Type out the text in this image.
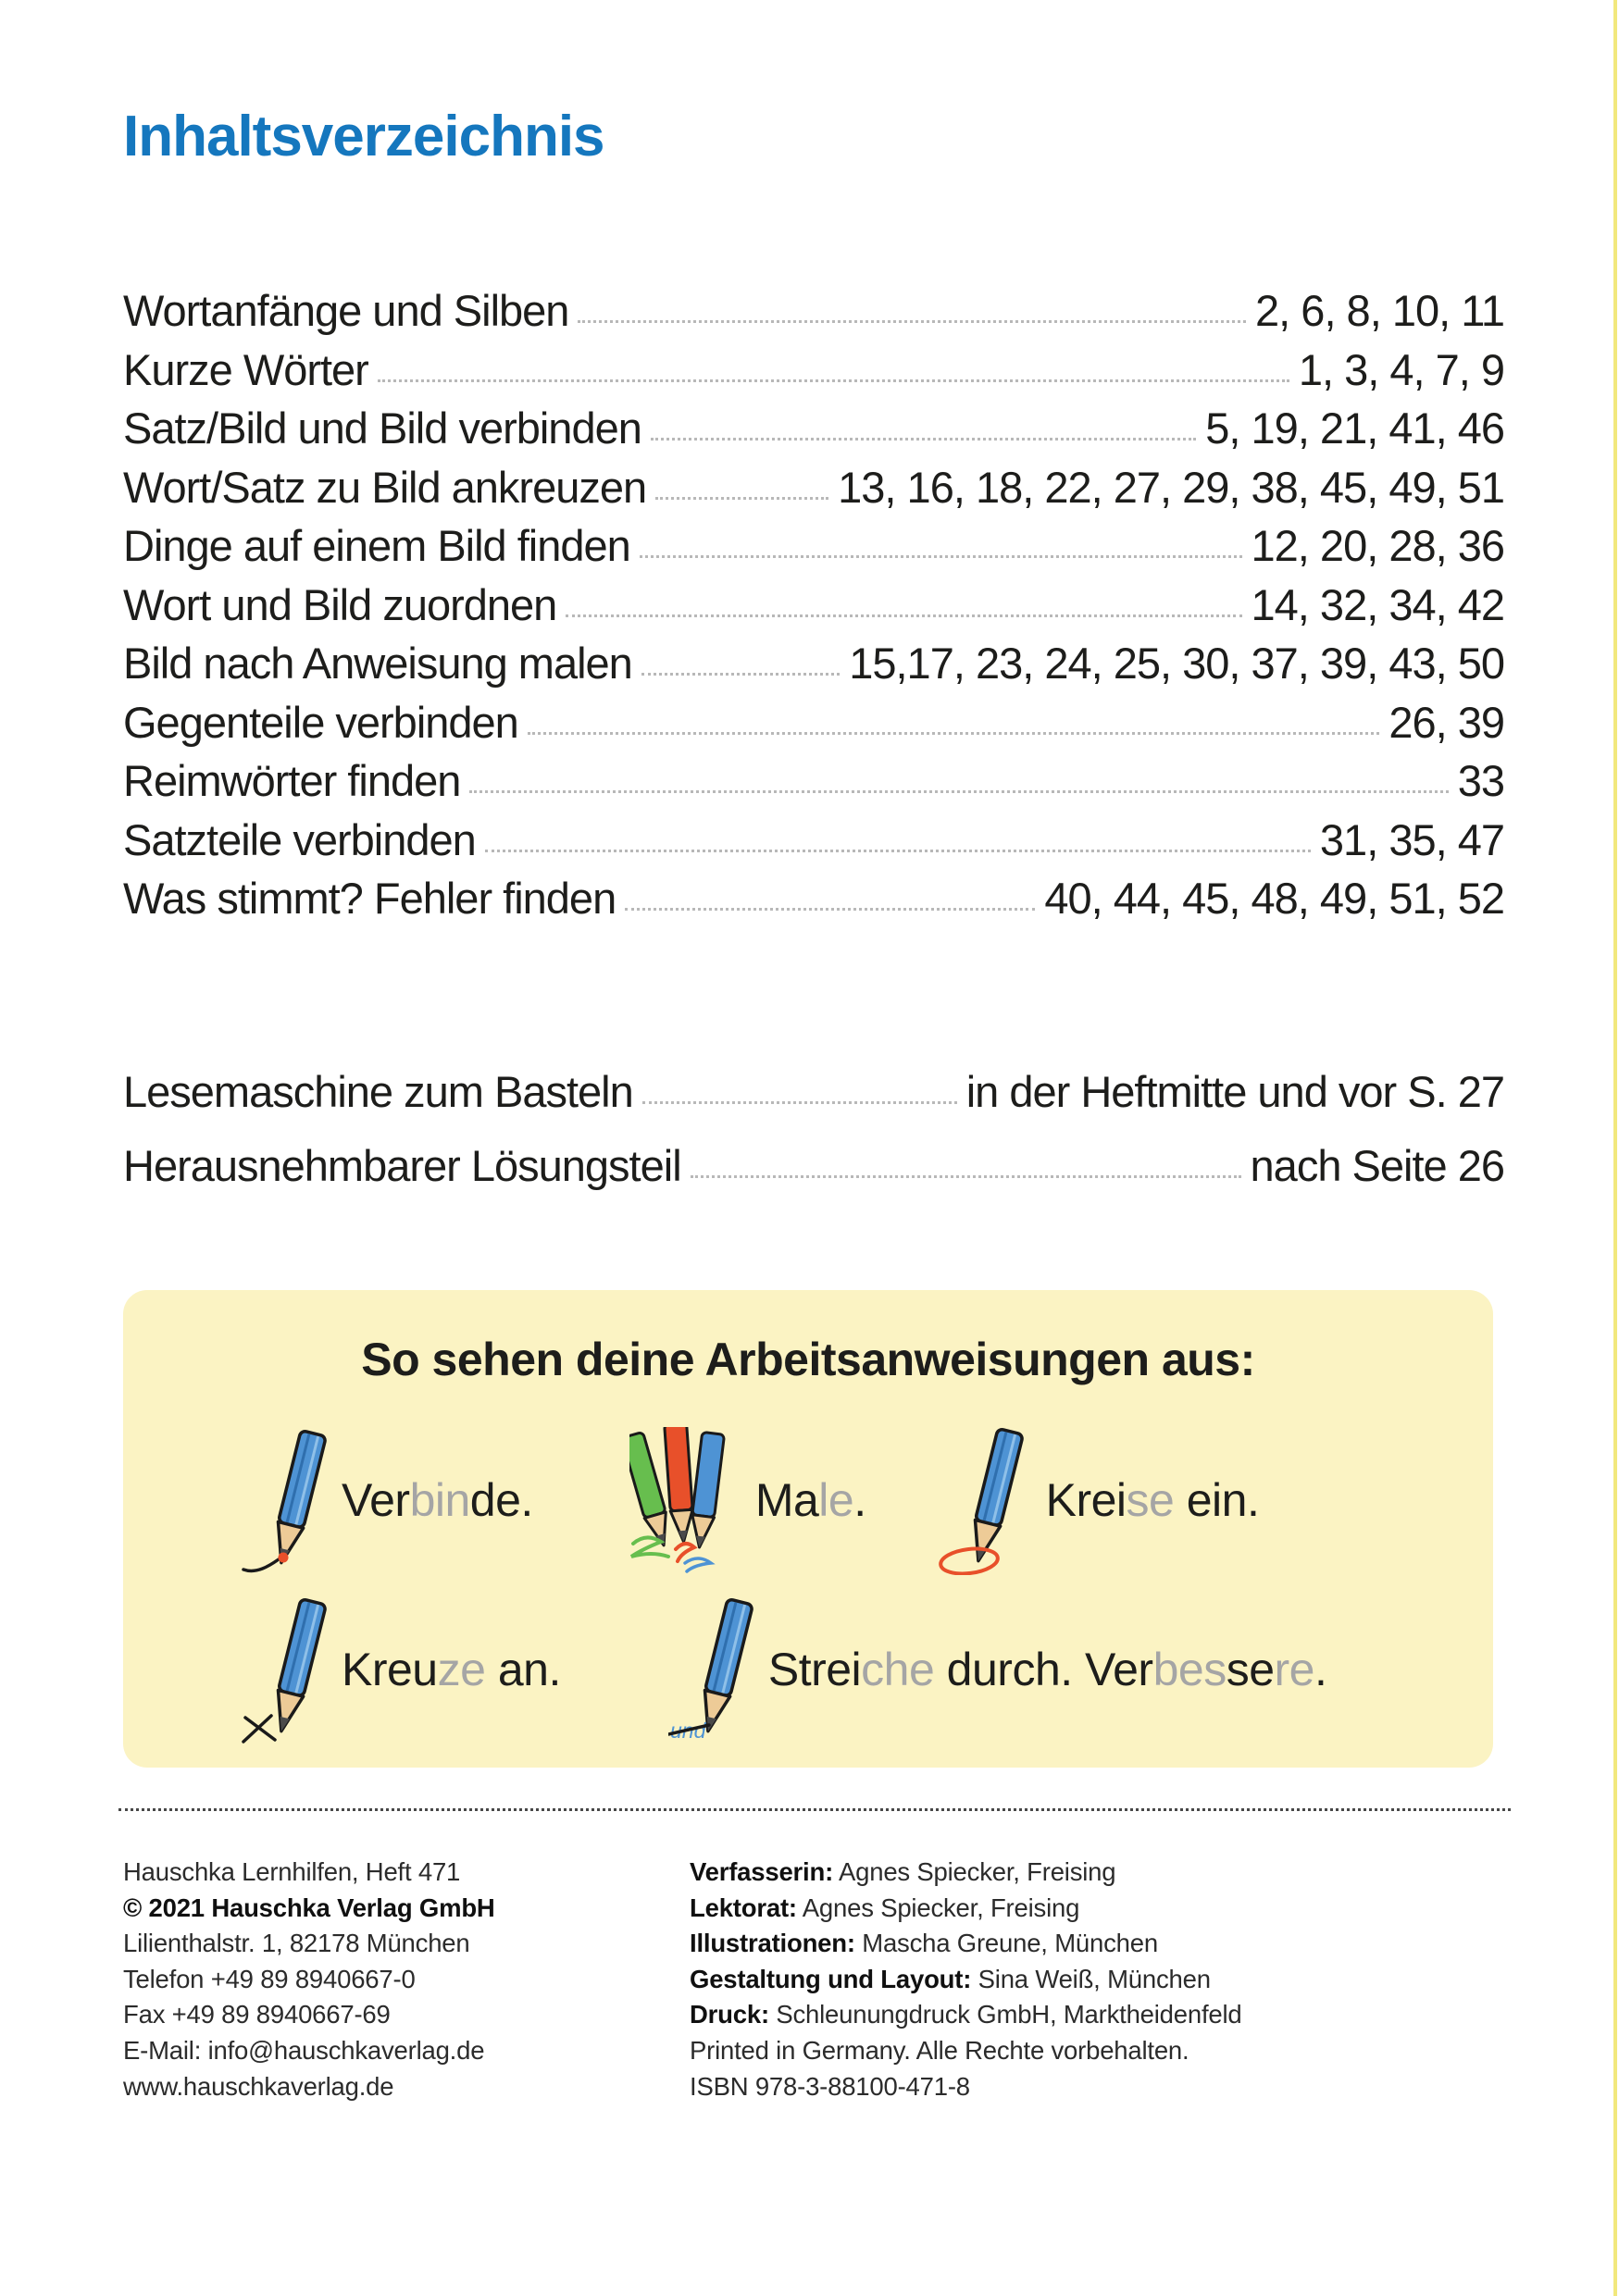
Inhaltsverzeichnis
Wortanfänge und Silben	2, 6, 8, 10, 11
Kurze Wörter	1, 3, 4, 7, 9
Satz/Bild und Bild verbinden	5, 19, 21, 41, 46
Wort/Satz zu Bild ankreuzen	13, 16, 18, 22, 27, 29, 38, 45, 49, 51
Dinge auf einem Bild finden	12, 20, 28, 36
Wort und Bild zuordnen	14, 32, 34, 42
Bild nach Anweisung malen	15,17, 23, 24, 25, 30, 37, 39, 43, 50
Gegenteile verbinden	26, 39
Reimwörter finden	33
Satzteile verbinden	31, 35, 47
Was stimmt? Fehler finden	40, 44, 45, 48, 49, 51, 52
Lesemaschine zum Basteln	in der Heftmitte und vor S. 27
Herausnehmbarer Lösungsteil	nach Seite 26
So sehen deine Arbeitsanweisungen aus:
Verbinde.	Male.	Kreise ein.
Kreuze an.
und
Streiche durch. Verbessere.
Hauschka Lernhilfen, Heft 471
© 2021 Hauschka Verlag GmbH
Lilienthalstr. 1, 82178 München
Telefon +49 89 8940667-0
Fax +49 89 8940667-69
E-Mail: info@hauschkaverlag.de
www.hauschkaverlag.de
Verfasserin: Agnes Spiecker, Freising
Lektorat: Agnes Spiecker, Freising
Illustrationen: Mascha Greune, München
Gestaltung und Layout: Sina Weiß, München
Druck: Schleunungdruck GmbH, Marktheidenfeld
Printed in Germany. Alle Rechte vorbehalten.
ISBN 978-3-88100-471-8
